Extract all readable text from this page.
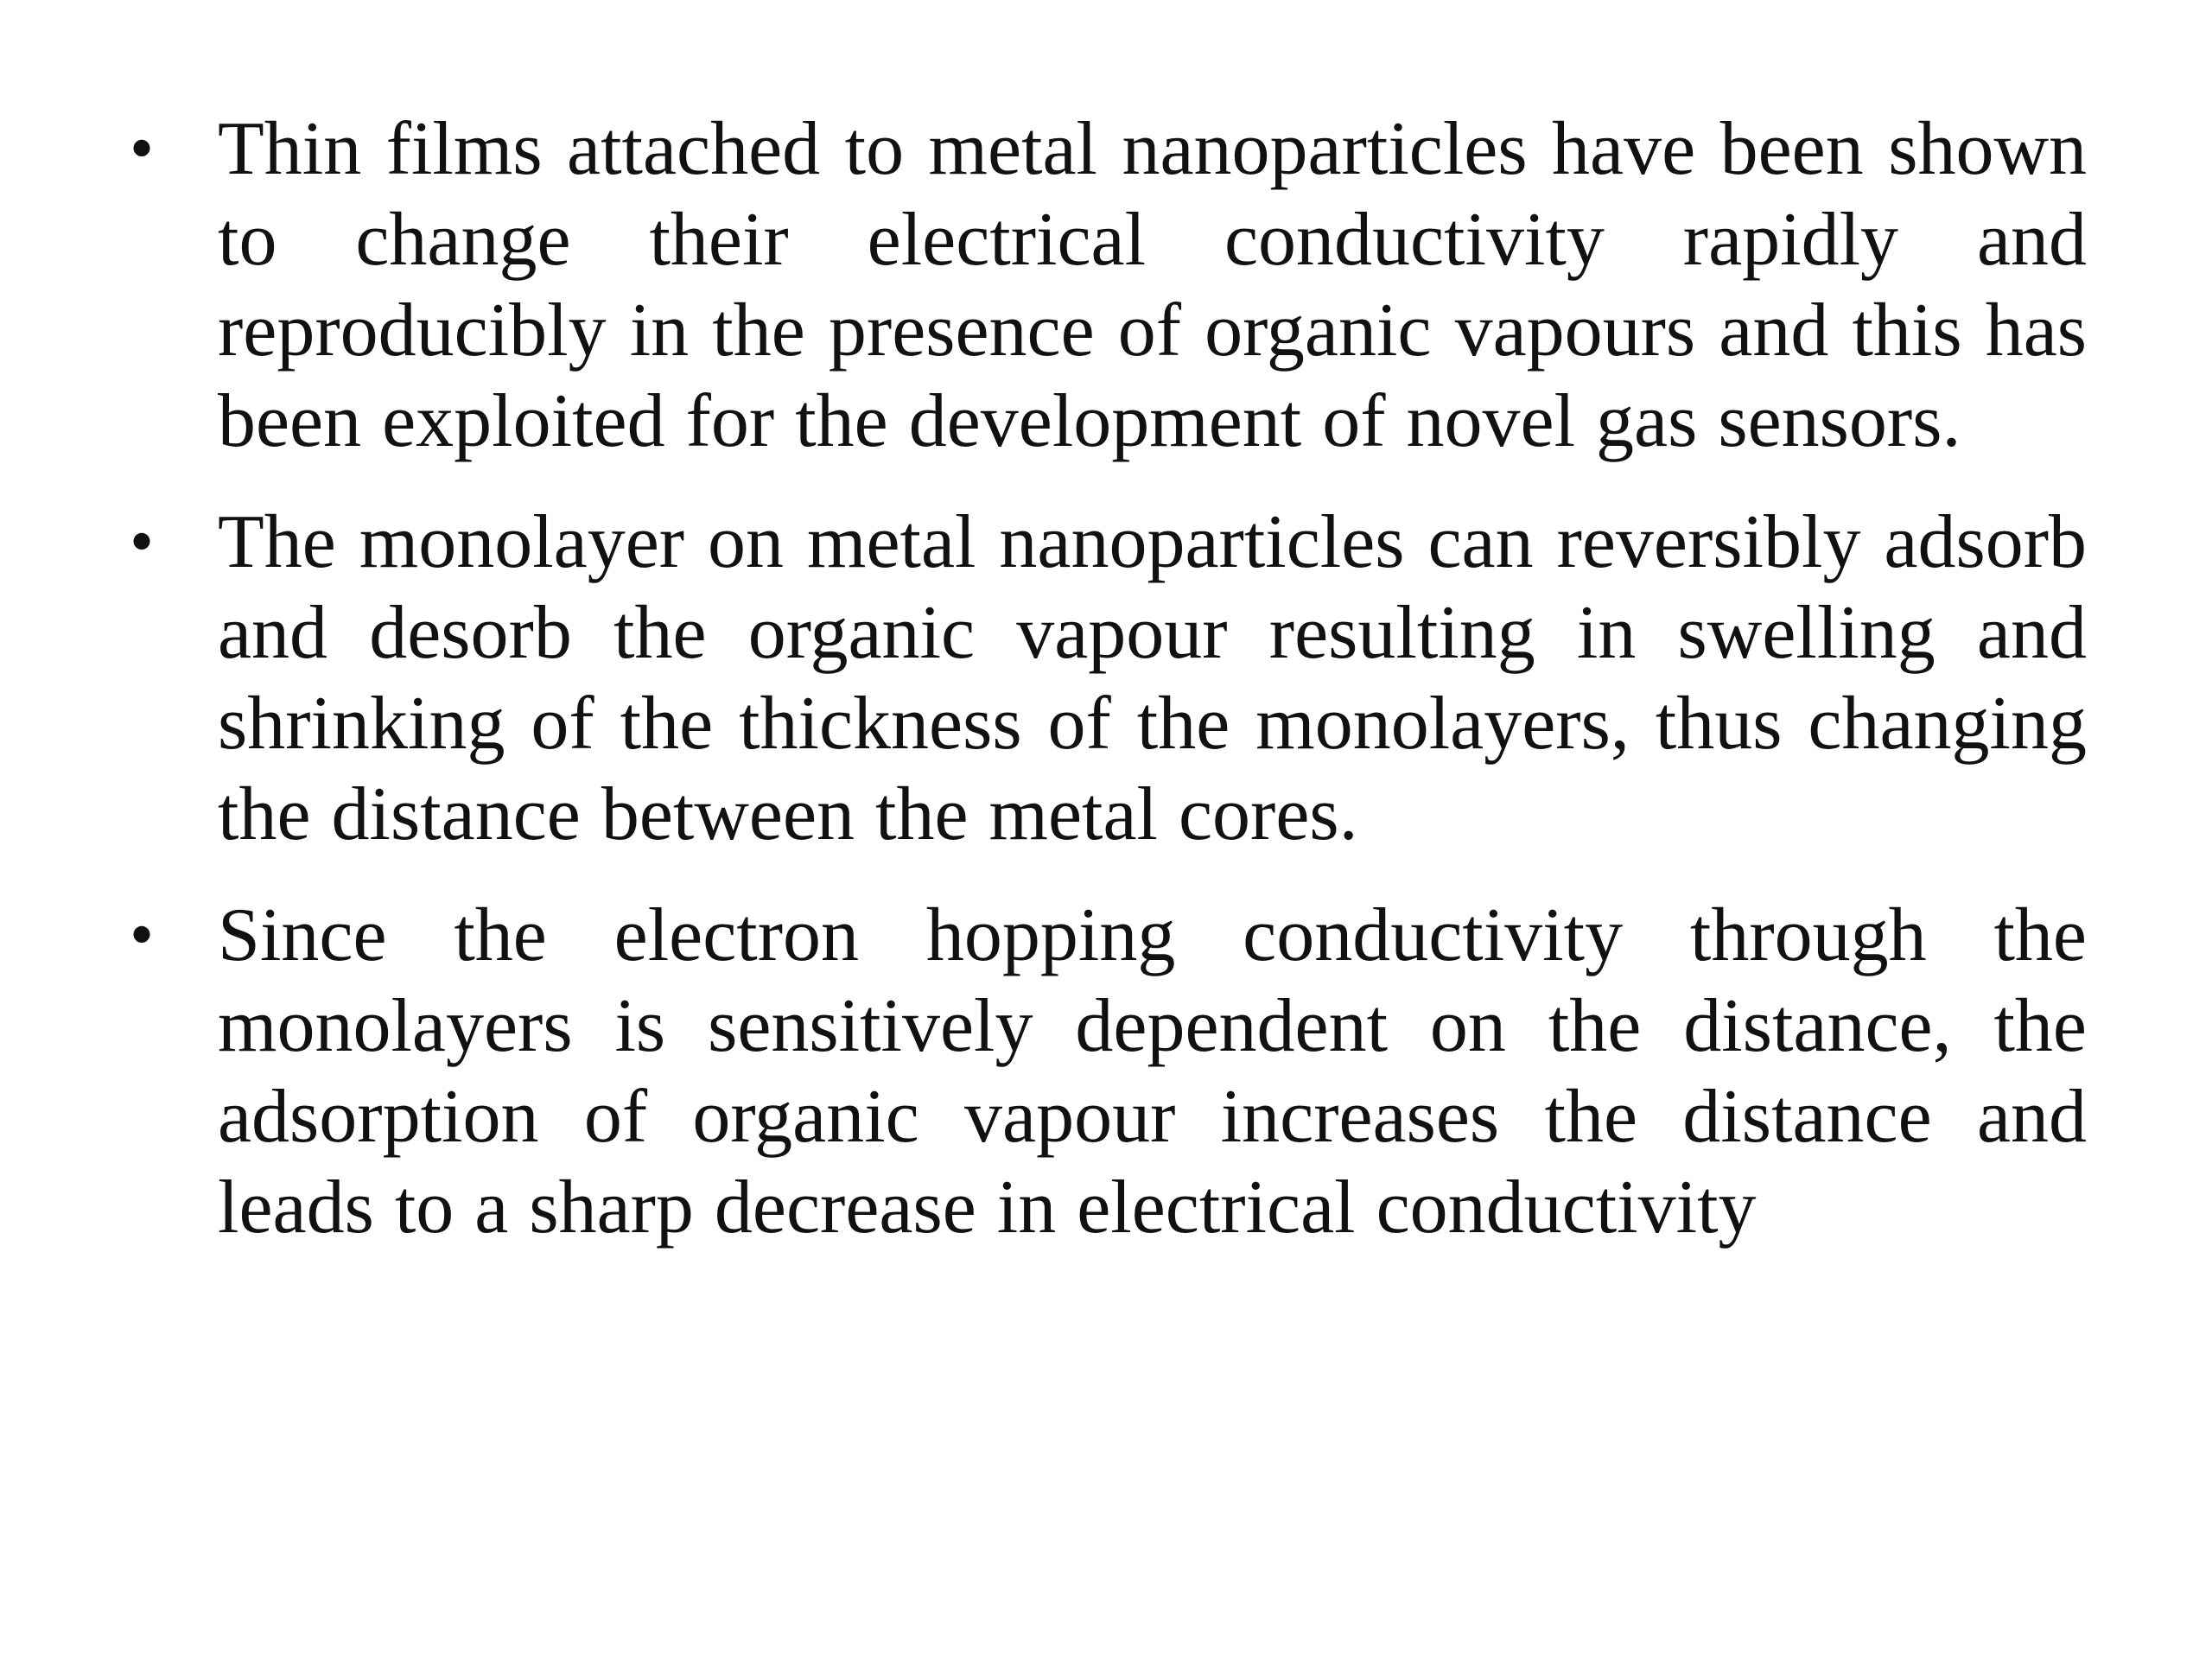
• Thin films attached to metal nanoparticles have been shown to change their electrical conductivity rapidly and reproducibly in the presence of organic vapours and this has been exploited for the development of novel gas sensors.
• The monolayer on metal nanoparticles can reversibly adsorb and desorb the organic vapour resulting in swelling and shrinking of the thickness of the monolayers, thus changing the distance between the metal cores.
• Since the electron hopping conductivity through the monolayers is sensitively dependent on the distance, the adsorption of organic vapour increases the distance and leads to a sharp decrease in electrical conductivity
